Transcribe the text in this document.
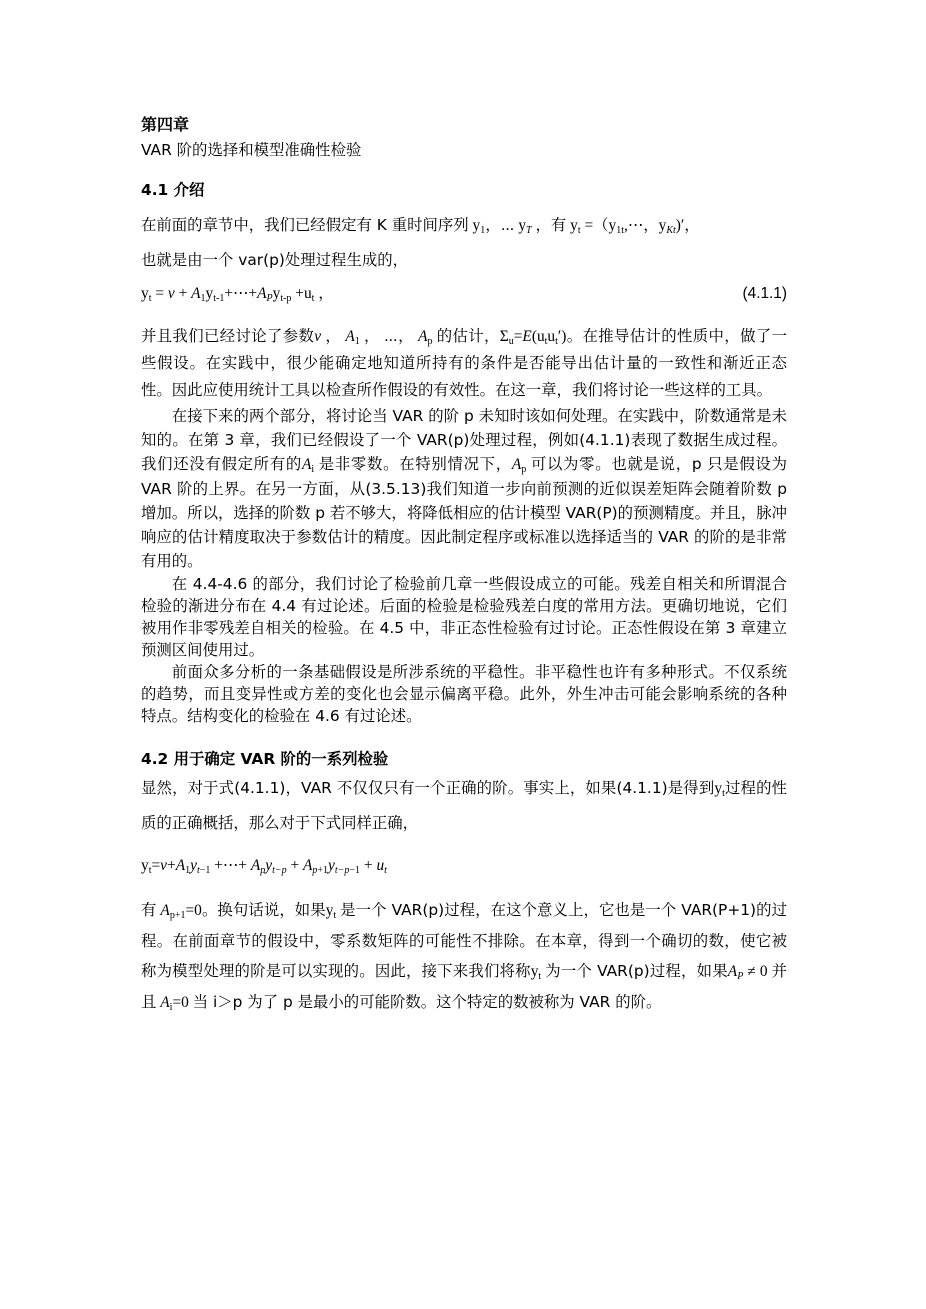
第四章

VAR 阶的选择和模型准确性检验

4.1 介绍

在前面的章节中，我们已经假定有 K 重时间序列 $y_1$，⋯ $y_T$ ，有 $y_t$ $=(y_{1t},\cdots$，$y_{Kt})'$，

也就是由一个 var(p)处理过程生成的，

$y_t = \nu$ + $A_1y_{t-1}+\cdots+A_Py_{t-p} +u_t$ ，	(4.1.1)

并且我们已经讨论了参数ν ， $A_1$ ， ⋯， $A_p$ 的估计，$\Sigma_u=E(u_tu_t')$。在推导估计的性质中，做了一些假设。在实践中，很少能确定地知道所持有的条件是否能导出估计量的一致性和渐近正态性。因此应使用统计工具以检查所作假设的有效性。在这一章，我们将讨论一些这样的工具。

在接下来的两个部分，将讨论当 VAR 的阶 p 未知时该如何处理。在实践中，阶数通常是未知的。在第 3 章，我们已经假设了一个 VAR(p)处理过程，例如(4.1.1)表现了数据生成过程。我们还没有假定所有的$A_i$ 是非零数。在特别情况下，$A_p$ 可以为零。也就是说，p 只是假设为 VAR 阶的上界。在另一方面，从(3.5.13)我们知道一步向前预测的近似误差矩阵会随着阶数 p 增加。所以，选择的阶数 p 若不够大，将降低相应的估计模型 VAR(P)的预测精度。并且，脉冲响应的估计精度取决于参数估计的精度。因此制定程序或标准以选择适当的 VAR 的阶的是非常有用的。

在 4.4-4.6 的部分，我们讨论了检验前几章一些假设成立的可能。残差自相关和所谓混合检验的渐进分布在 4.4 有过论述。后面的检验是检验残差白度的常用方法。更确切地说，它们被用作非零残差自相关的检验。在 4.5 中，非正态性检验有过讨论。正态性假设在第 3 章建立预测区间使用过。

前面众多分析的一条基础假设是所涉系统的平稳性。非平稳性也许有多种形式。不仅系统的趋势，而且变异性或方差的变化也会显示偏离平稳。此外，外生冲击可能会影响系统的各种特点。结构变化的检验在 4.6 有过论述。

4.2 用于确定 VAR 阶的一系列检验

显然，对于式(4.1.1)，VAR 不仅仅只有一个正确的阶。事实上，如果(4.1.1)是得到$y_t$过程的性质的正确概括，那么对于下式同样正确，

$y_t=\nu+A_1y_{t-1}$ +⋯+ $A_py_{t-p} + A_{p+1}y_{t-p-1} + u_t$

有 $A_{p+1}=0$。换句话说，如果$y_t$ 是一个 VAR(p)过程，在这个意义上，它也是一个 VAR(P+1)的过程。在前面章节的假设中，零系数矩阵的可能性不排除。在本章，得到一个确切的数，使它被称为模型处理的阶是可以实现的。因此，接下来我们将称$y_t$ 为一个 VAR(p)过程，如果$A_P \ne 0$ 并且 $A_i=0$ 当 i＞p 为了 p 是最小的可能阶数。这个特定的数被称为 VAR 的阶。
